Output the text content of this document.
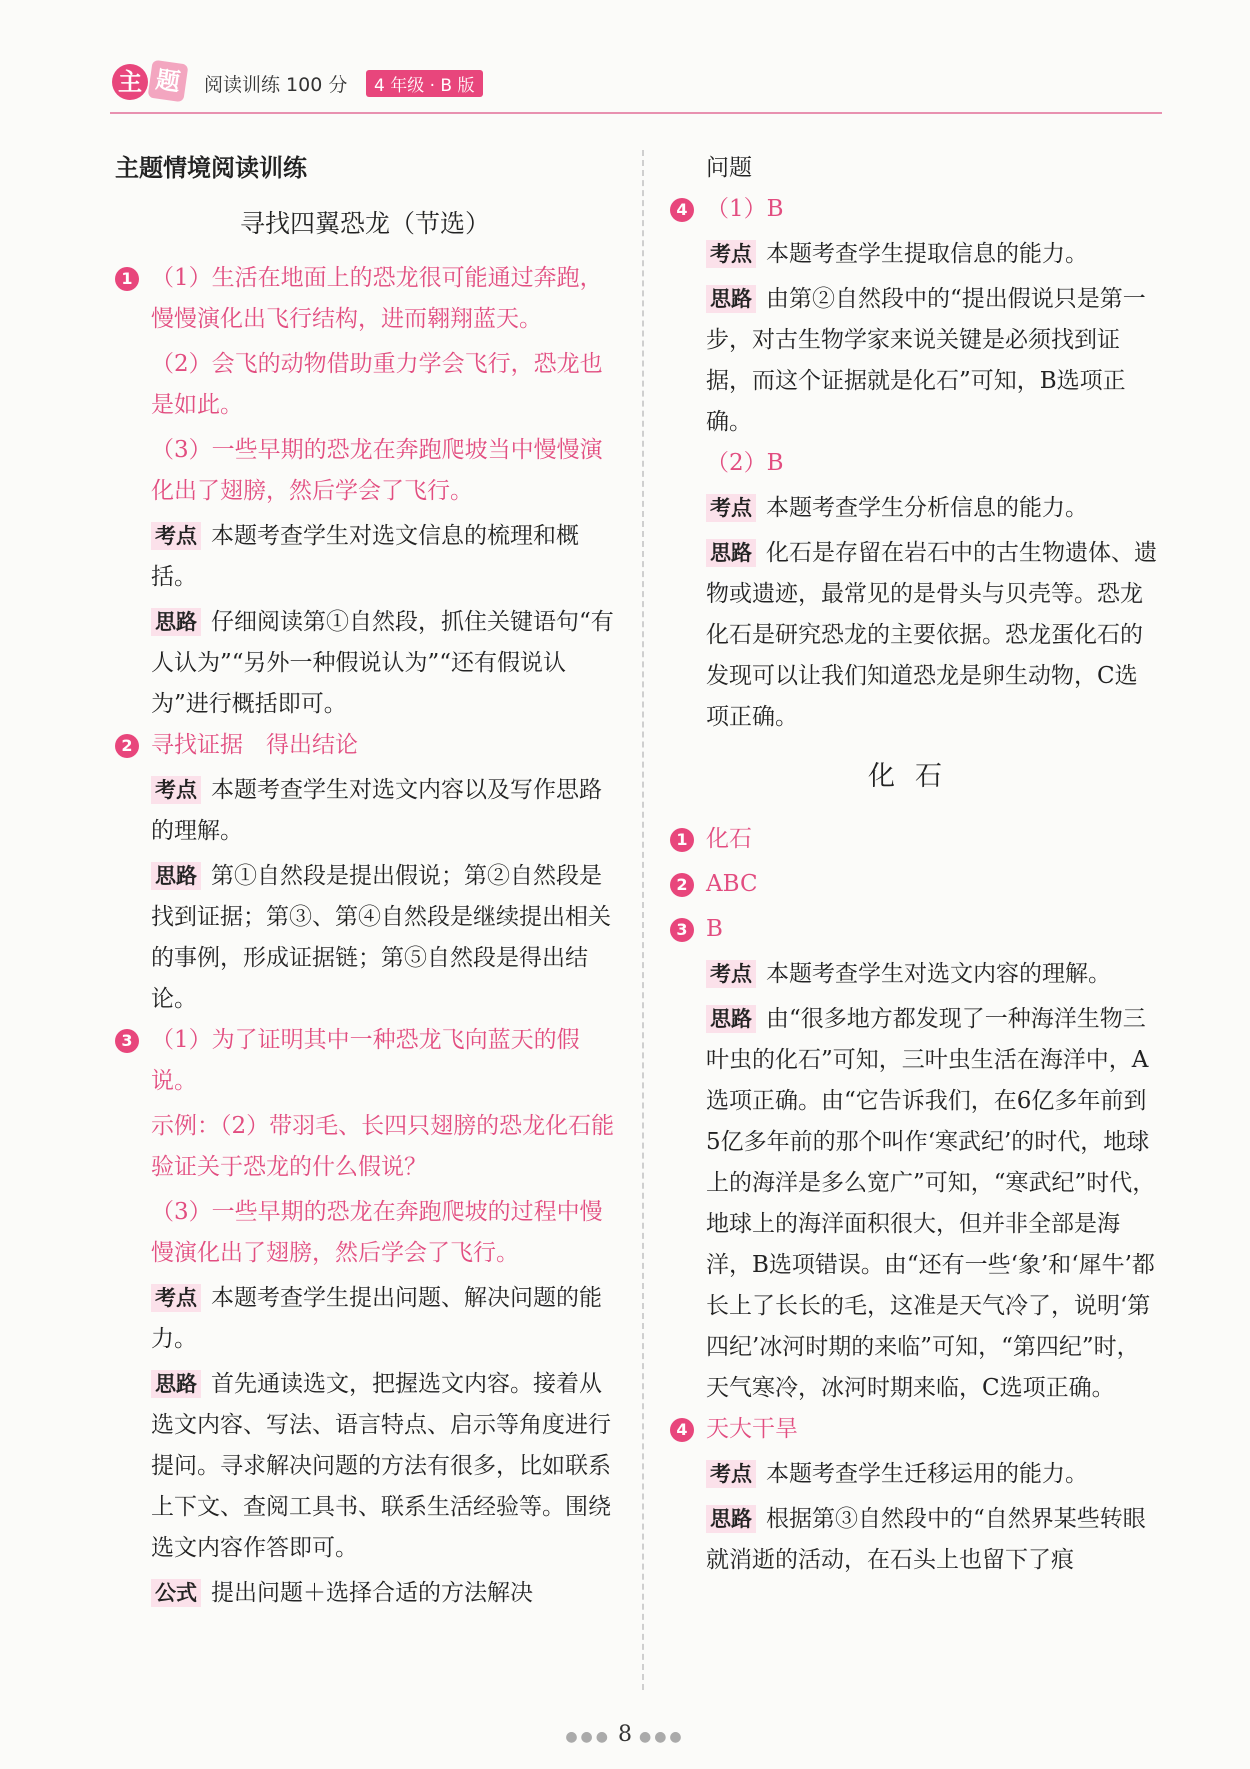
主 题	阅读训练 100 分	4 年级 · B 版
主题情境阅读训练
寻找四翼恐龙（节选）
1 （1）生活在地面上的恐龙很可能通过奔跑，慢慢演化出飞行结构，进而翱翔蓝天。
（2）会飞的动物借助重力学会飞行，恐龙也是如此。
（3）一些早期的恐龙在奔跑爬坡当中慢慢演化出了翅膀，然后学会了飞行。
考点 本题考查学生对选文信息的梳理和概括。
思路 仔细阅读第①自然段，抓住关键语句“有人认为”“另外一种假说认为”“还有假说认为”进行概括即可。
2 寻找证据　得出结论
考点 本题考查学生对选文内容以及写作思路的理解。
思路 第①自然段是提出假说；第②自然段是找到证据；第③、第④自然段是继续提出相关的事例，形成证据链；第⑤自然段是得出结论。
3 （1）为了证明其中一种恐龙飞向蓝天的假说。
示例：（2）带羽毛、长四只翅膀的恐龙化石能验证关于恐龙的什么假说？
（3）一些早期的恐龙在奔跑爬坡的过程中慢慢演化出了翅膀，然后学会了飞行。
考点 本题考查学生提出问题、解决问题的能力。
思路 首先通读选文，把握选文内容。接着从选文内容、写法、语言特点、启示等角度进行提问。寻求解决问题的方法有很多，比如联系上下文、查阅工具书、联系生活经验等。围绕选文内容作答即可。
公式 提出问题＋选择合适的方法解决
问题
4 （1）B
考点 本题考查学生提取信息的能力。
思路 由第②自然段中的“提出假说只是第一步，对古生物学家来说关键是必须找到证据，而这个证据就是化石”可知，B选项正确。
（2）B
考点 本题考查学生分析信息的能力。
思路 化石是存留在岩石中的古生物遗体、遗物或遗迹，最常见的是骨头与贝壳等。恐龙化石是研究恐龙的主要依据。恐龙蛋化石的发现可以让我们知道恐龙是卵生动物，C选项正确。
化石
1 化石
2 ABC
3 B
考点 本题考查学生对选文内容的理解。
思路 由“很多地方都发现了一种海洋生物三叶虫的化石”可知，三叶虫生活在海洋中，A选项正确。由“它告诉我们，在6亿多年前到5亿多年前的那个叫作‘寒武纪’的时代，地球上的海洋是多么宽广”可知，“寒武纪”时代，地球上的海洋面积很大，但并非全部是海洋，B选项错误。由“还有一些‘象’和‘犀牛’都长上了长长的毛，这准是天气冷了，说明‘第四纪’冰河时期的来临”可知，“第四纪”时，天气寒冷，冰河时期来临，C选项正确。
4 天大干旱
考点 本题考查学生迁移运用的能力。
思路 根据第③自然段中的“自然界某些转眼就消逝的活动，在石头上也留下了痕
●●● 8 ●●●
